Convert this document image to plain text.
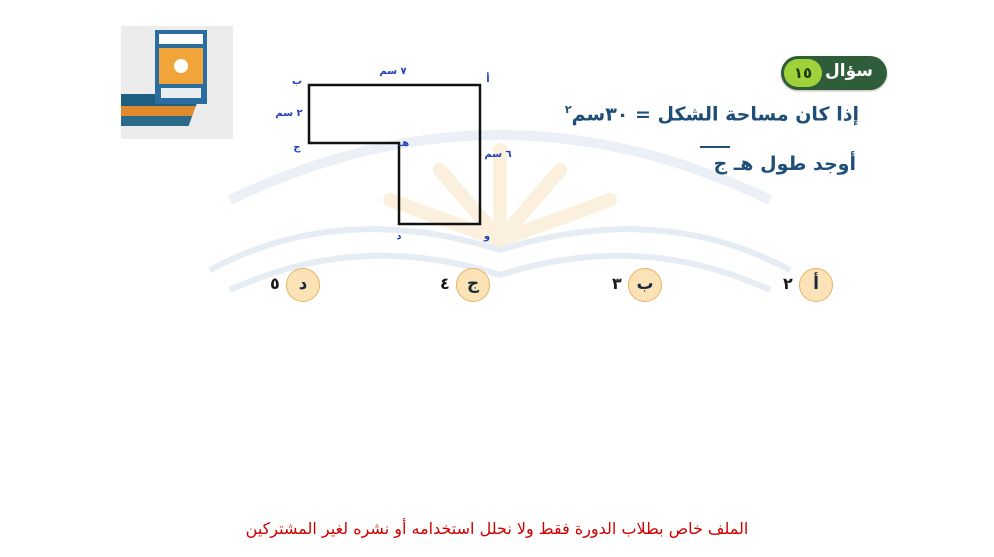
سؤال
١٥
إذا كان مساحة الشكل = ٣٠سم$^٢$
أوجد طول هـ ج
أ
ب
ج	هـ
د	و
٧ سم
٢ سم
٦ سم
٢	أ
٣ ب
٤	ج
٥	د
الملف خاص بطلاب الدورة فقط ولا نحلل استخدامه أو نشره لغير المشتركين
